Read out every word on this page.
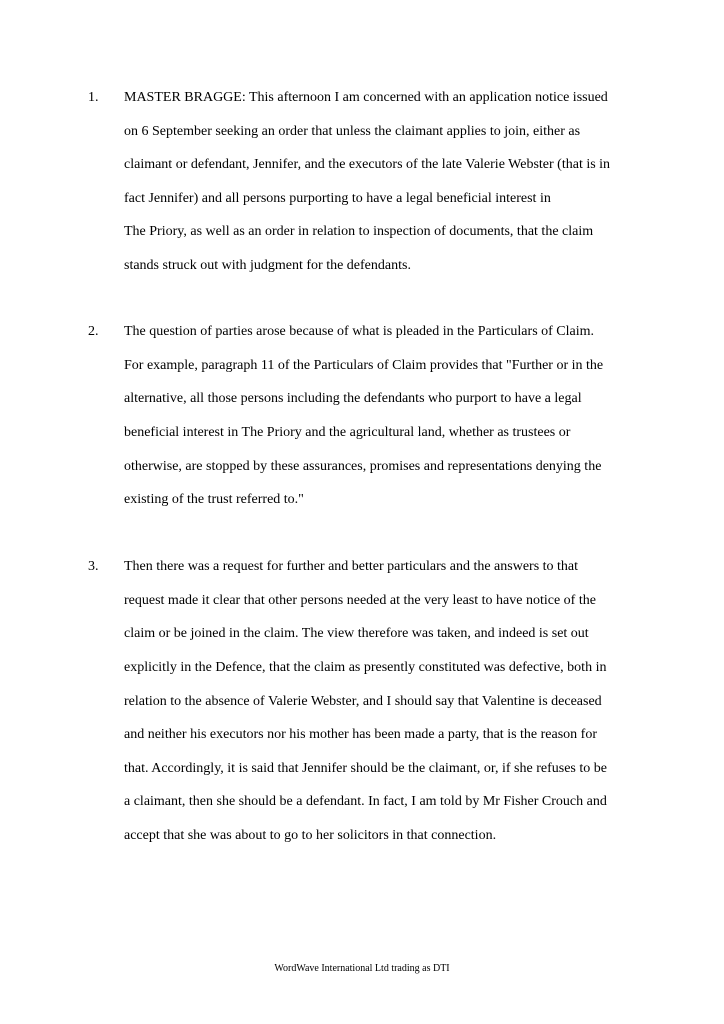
1. MASTER BRAGGE: This afternoon I am concerned with an application notice issued
on 6 September seeking an order that unless the claimant applies to join, either as
claimant or defendant, Jennifer, and the executors of the late Valerie Webster (that is in
fact Jennifer) and all persons purporting to have a legal beneficial interest in
The Priory, as well as an order in relation to inspection of documents, that the claim
stands struck out with judgment for the defendants.
2. The question of parties arose because of what is pleaded in the Particulars of Claim.
For example, paragraph 11 of the Particulars of Claim provides that "Further or in the
alternative, all those persons including the defendants who purport to have a legal
beneficial interest in The Priory and the agricultural land, whether as trustees or
otherwise, are stopped by these assurances, promises and representations denying the
existing of the trust referred to."
3. Then there was a request for further and better particulars and the answers to that
request made it clear that other persons needed at the very least to have notice of the
claim or be joined in the claim. The view therefore was taken, and indeed is set out
explicitly in the Defence, that the claim as presently constituted was defective, both in
relation to the absence of Valerie Webster, and I should say that Valentine is deceased
and neither his executors nor his mother has been made a party, that is the reason for
that. Accordingly, it is said that Jennifer should be the claimant, or, if she refuses to be
a claimant, then she should be a defendant. In fact, I am told by Mr Fisher Crouch and
accept that she was about to go to her solicitors in that connection.
WordWave International Ltd trading as DTI
